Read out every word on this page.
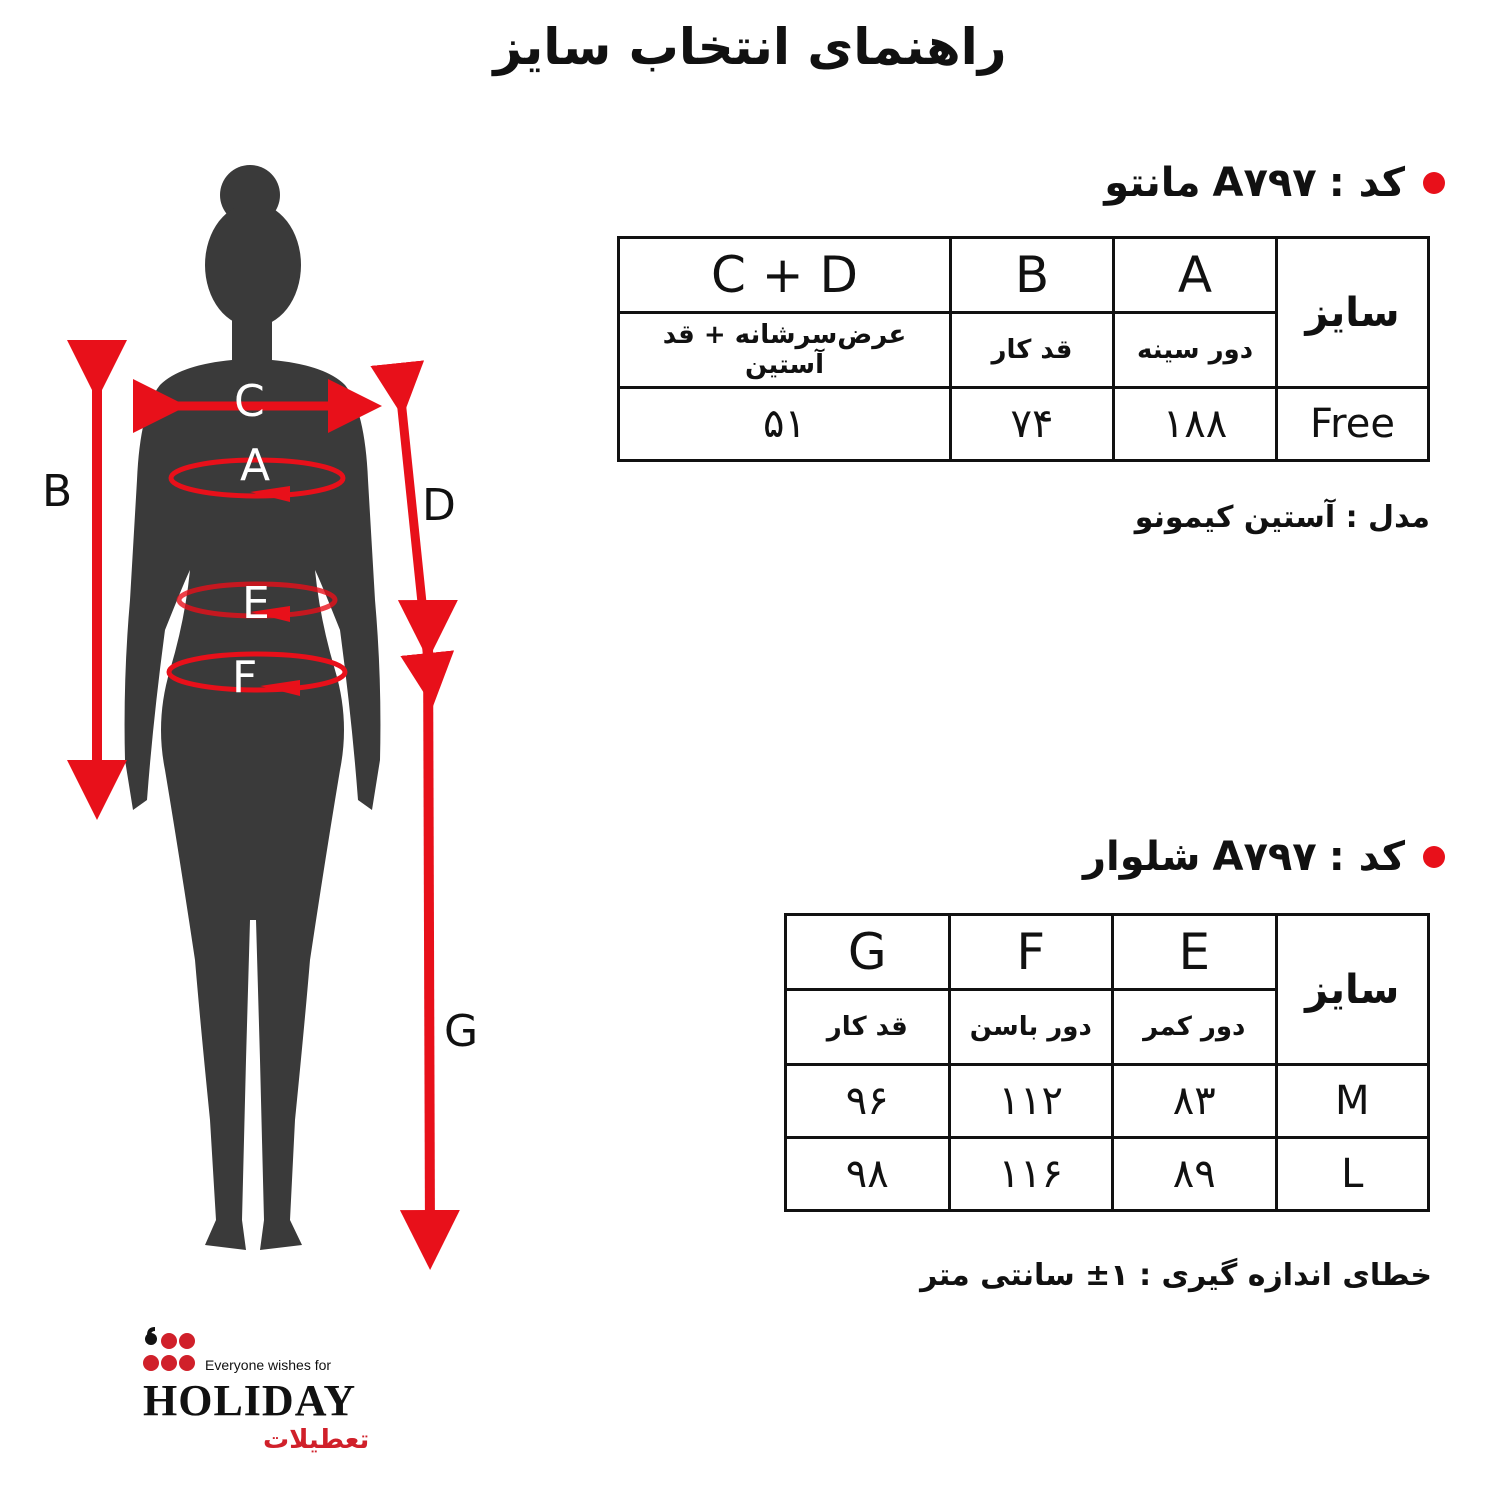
راهنمای انتخاب سایز
C
A
E
F
B	D
G
کد :
A۷۹۷
مانتو
سایز	A	B	C + D
	دور سینه	قد کار	عرض‌سرشانه + قد آستین
Free	۱۸۸	۷۴	۵۱
مدل : آستین کیمونو
کد :
A۷۹۷
شلوار
سایز	E	F	G
	دور کمر	دور باسن	قد کار
M	۸۳	۱۱۲	۹۶
L	۸۹	۱۱۶	۹۸
خطای اندازه گیری : ۱± سانتی متر
Everyone wishes for
HOLIDAY
تعطیلات
